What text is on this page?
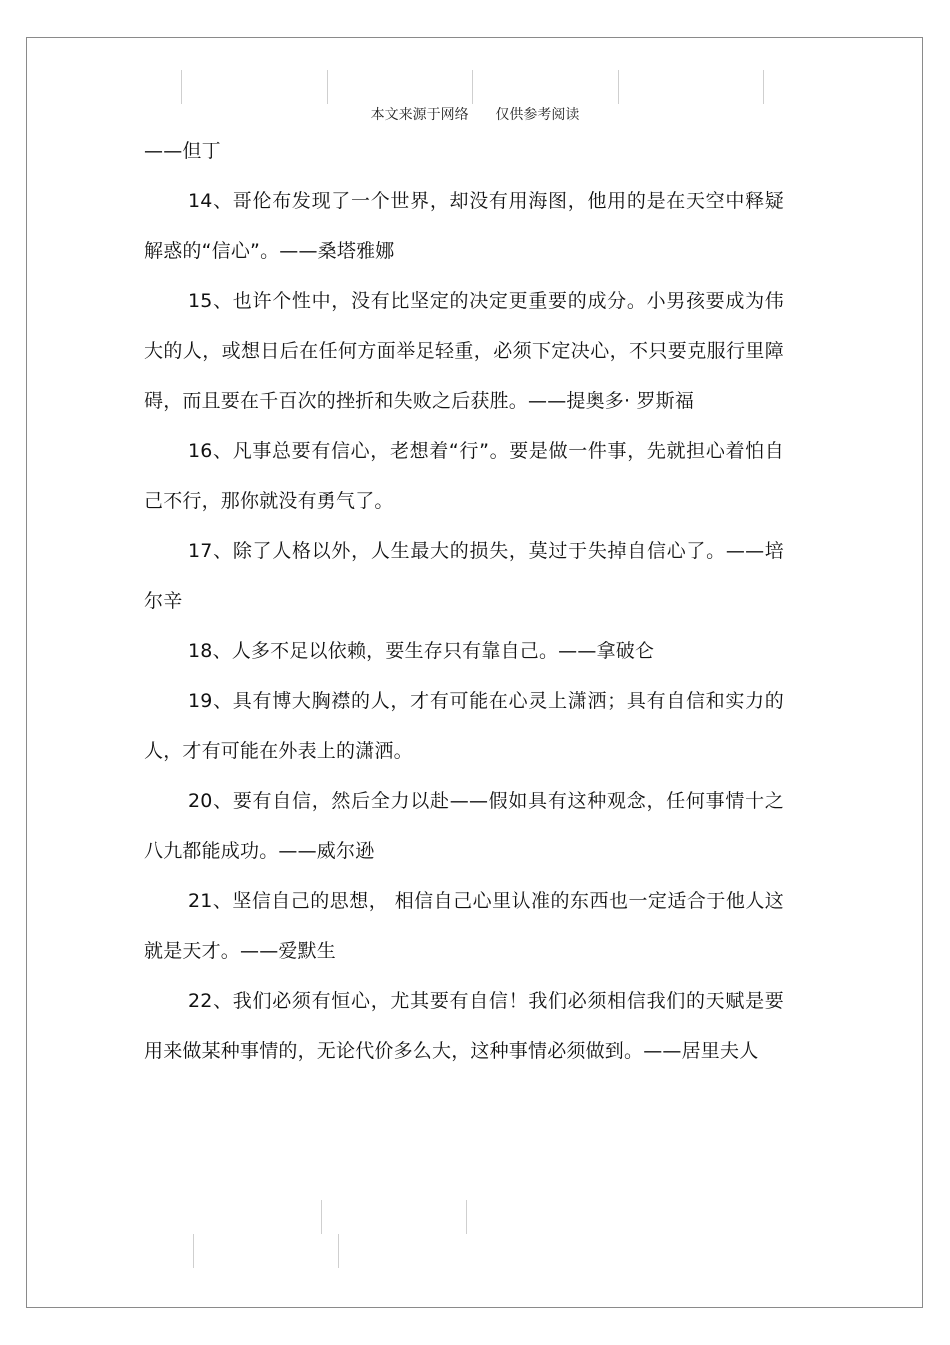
本文来源于网络      仅供参考阅读

——但丁

14、哥伦布发现了一个世界，却没有用海图，他用的是在天空中释疑解惑的“信心”。——桑塔雅娜

15、也许个性中，没有比坚定的决定更重要的成分。小男孩要成为伟大的人，或想日后在任何方面举足轻重，必须下定决心，不只要克服行里障碍，而且要在千百次的挫折和失败之后获胜。——提奥多· 罗斯福

16、凡事总要有信心，老想着“行”。要是做一件事，先就担心着怕自己不行，那你就没有勇气了。

17、除了人格以外，人生最大的损失，莫过于失掉自信心了。——培尔辛

18、人多不足以依赖，要生存只有靠自己。——拿破仑

19、具有博大胸襟的人，才有可能在心灵上潇洒；具有自信和实力的人，才有可能在外表上的潇洒。

20、要有自信，然后全力以赴——假如具有这种观念，任何事情十之八九都能成功。——威尔逊

21、坚信自己的思想， 相信自己心里认准的东西也一定适合于他人这就是天才。——爱默生

22、我们必须有恒心，尤其要有自信！我们必须相信我们的天赋是要用来做某种事情的，无论代价多么大，这种事情必须做到。——居里夫人
